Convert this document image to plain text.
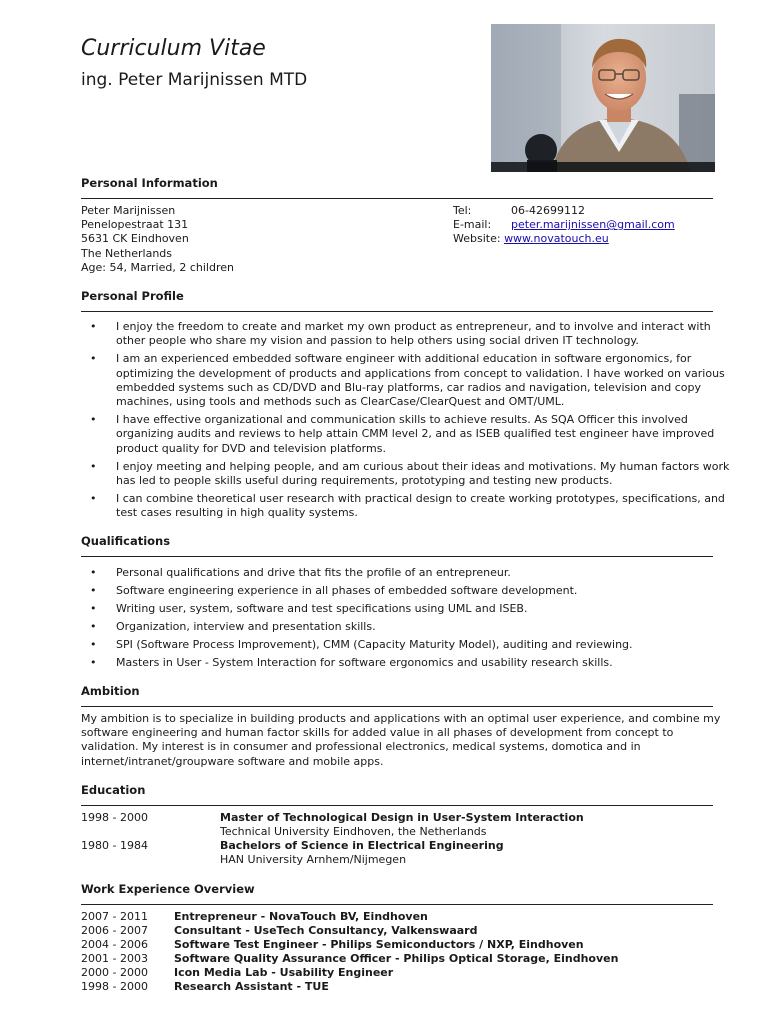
Curriculum Vitae
ing. Peter Marijnissen MTD
Personal Information
Peter Marijnissen
Penelopestraat 131
5631 CK Eindhoven
The Netherlands
Age: 54, Married, 2 children
Tel:	06-42699112
E-mail: peter.marijnissen@gmail.com
Website: www.novatouch.eu
Personal Profile
• I enjoy the freedom to create and market my own product as entrepreneur, and to involve and interact with other people who share my vision and passion to help others using social driven IT technology.
• I am an experienced embedded software engineer with additional education in software ergonomics, for optimizing the development of products and applications from concept to validation. I have worked on various embedded systems such as CD/DVD and Blu-ray platforms, car radios and navigation, television and copy machines, using tools and methods such as ClearCase/ClearQuest and OMT/UML.
• I have effective organizational and communication skills to achieve results. As SQA Officer this involved organizing audits and reviews to help attain CMM level 2, and as ISEB qualified test engineer have improved product quality for DVD and television platforms.
• I enjoy meeting and helping people, and am curious about their ideas and motivations. My human factors work has led to people skills useful during requirements, prototyping and testing new products.
• I can combine theoretical user research with practical design to create working prototypes, specifications, and test cases resulting in high quality systems.
Qualifications
• Personal qualifications and drive that fits the profile of an entrepreneur.
• Software engineering experience in all phases of embedded software development.
• Writing user, system, software and test specifications using UML and ISEB.
• Organization, interview and presentation skills.
• SPI (Software Process Improvement), CMM (Capacity Maturity Model), auditing and reviewing.
• Masters in User - System Interaction for software ergonomics and usability research skills.
Ambition

My ambition is to specialize in building products and applications with an optimal user experience, and combine my software engineering and human factor skills for added value in all phases of development from concept to validation. My interest is in consumer and professional electronics, medical systems, domotica and in internet/intranet/groupware software and mobile apps.

Education
1998 - 2000	Master of Technological Design in User-System Interaction
Technical University Eindhoven, the Netherlands
1980 - 1984	Bachelors of Science in Electrical Engineering
HAN University Arnhem/Nijmegen
Work Experience Overview
2007 - 2011 Entrepreneur - NovaTouch BV, Eindhoven
2006 - 2007 Consultant - UseTech Consultancy, Valkenswaard
2004 - 2006 Software Test Engineer - Philips Semiconductors / NXP, Eindhoven
2001 - 2003 Software Quality Assurance Officer - Philips Optical Storage, Eindhoven
2000 - 2000 Icon Media Lab - Usability Engineer
1998 - 2000 Research Assistant - TUE
